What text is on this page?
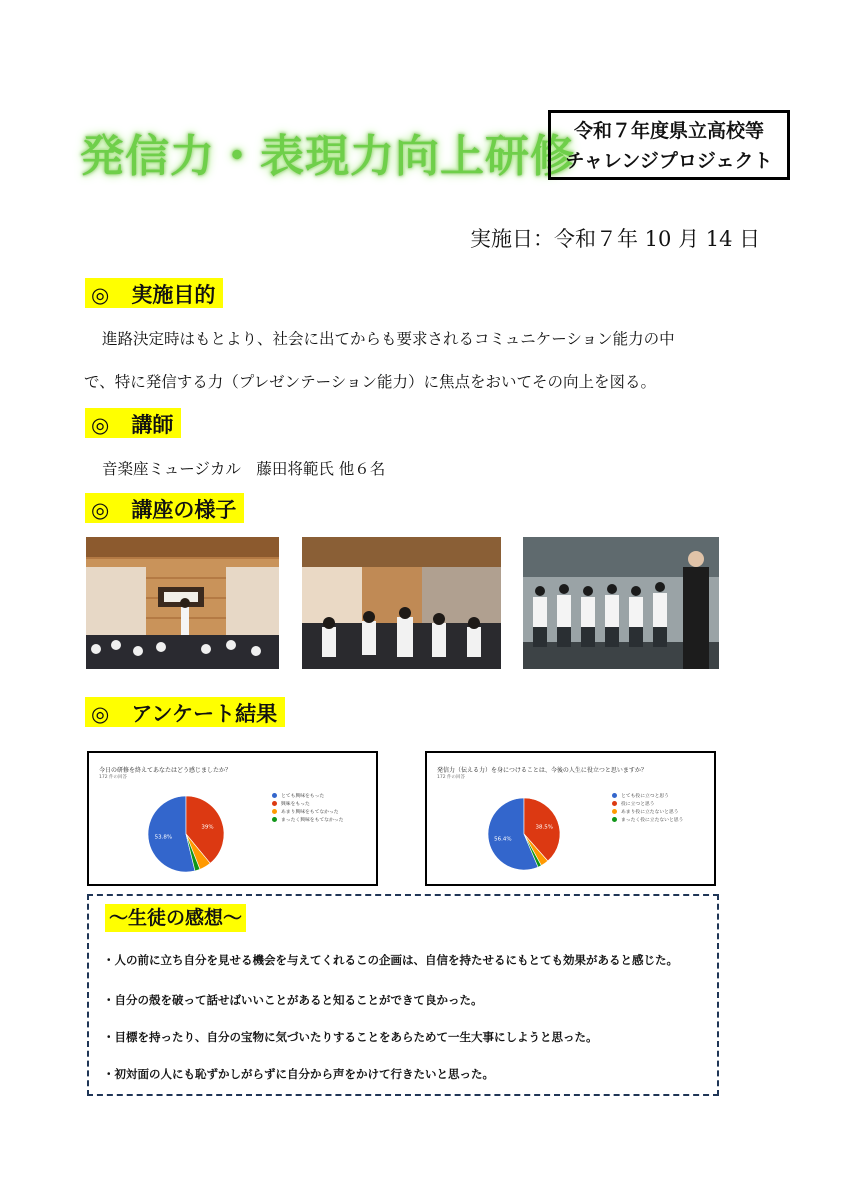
発信力・表現力向上研修
令和７年度県立高校等
チャレンジプロジェクト
実施日：令和７年 10 月 14 日
◎ 実施目的
進路決定時はもとより、社会に出てからも要求されるコミュニケーション能力の中
で、特に発信する力（プレゼンテーション能力）に焦点をおいてその向上を図る。
◎ 講師
音楽座ミュージカル　藤田将範氏 他６名
◎ 講座の様子
◎ アンケート結果
今日の研修を終えてあなたはどう感じましたか？
172 件の回答
53.8%
39%
とても興味をもった
興味をもった
あまり興味をもてなかった
まったく興味をもてなかった
発信力（伝える力）を身につけることは、今後の人生に役立つと思いますか？
172 件の回答
56.4%
38.5%
とても役に立つと思う
役に立つと思う
あまり役に立たないと思う
まったく役に立たないと思う
～生徒の感想～
・人の前に立ち自分を見せる機会を与えてくれるこの企画は、自信を持たせるにもとても効果があると感じた。
・自分の殻を破って話せばいいことがあると知ることができて良かった。
・目標を持ったり、自分の宝物に気づいたりすることをあらためて一生大事にしようと思った。
・初対面の人にも恥ずかしがらずに自分から声をかけて行きたいと思った。
